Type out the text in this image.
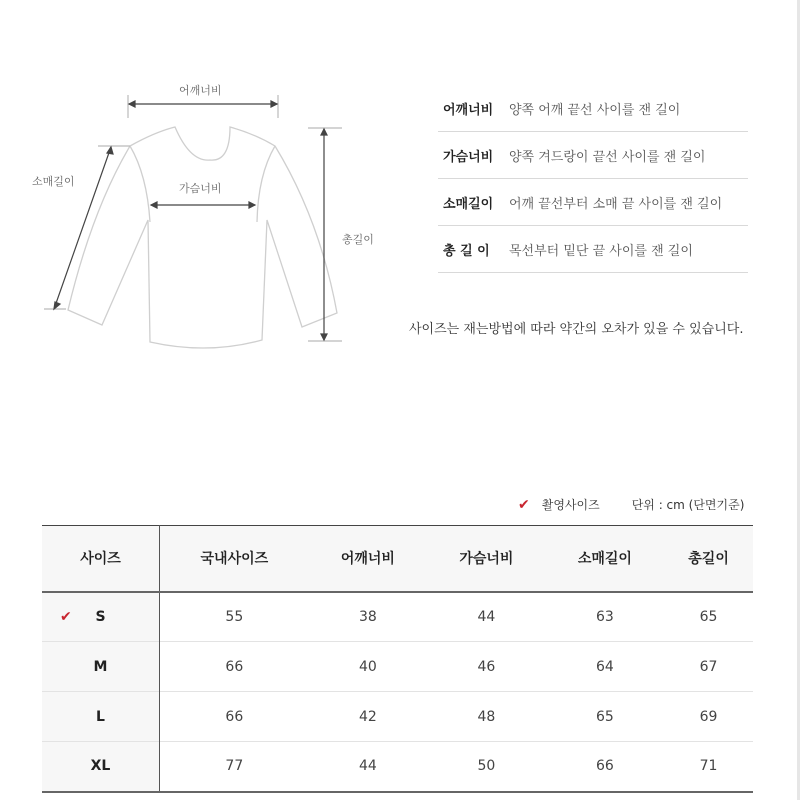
어깨너비
가슴너비
소매길이
총길이
어깨너비	양쪽 어깨 끝선 사이를 잰 길이
가슴너비	양쪽 겨드랑이 끝선 사이를 잰 길이
소매길이	어깨 끝선부터 소매 끝 사이를 잰 길이
총 길 이	목선부터 밑단 끝 사이를 잰 길이
사이즈는 재는방법에 따라 약간의 오차가 있을 수 있습니다.
✔ 촬영사이즈	단위 : cm (단면기준)
사이즈	국내사이즈	어깨너비	가슴너비	소매길이	총길이

✔ S	55	38	44	63	65
M	66	40	46	64	67
L	66	42	48	65	69
XL	77	44	50	66	71
